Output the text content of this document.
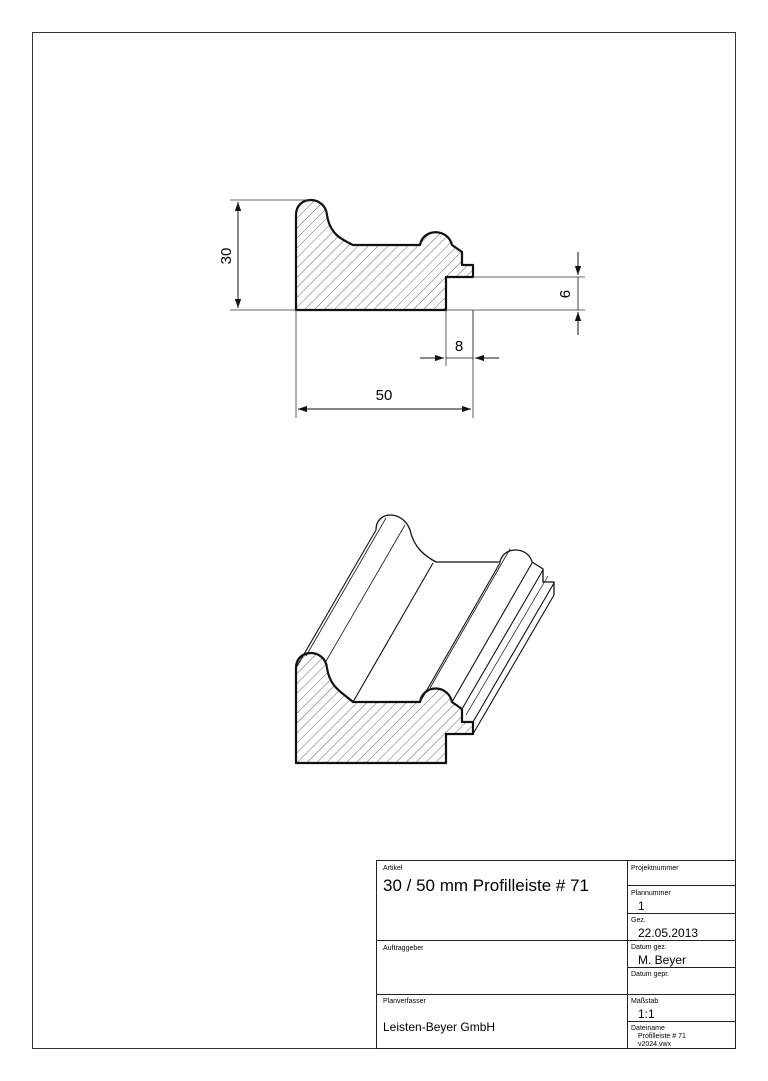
30
50
8
9
Artikel
30 / 50 mm Profilleiste # 71
Projektnummer
Plannummer
1
Gez.
22.05.2013
Auftraggeber	Datum gez.
M. Beyer
Datum gepr.
Planverfasser
Leisten-Beyer GmbH
Maßstab
1:1
Dateiname
Profilleiste # 71
v2024.vwx
